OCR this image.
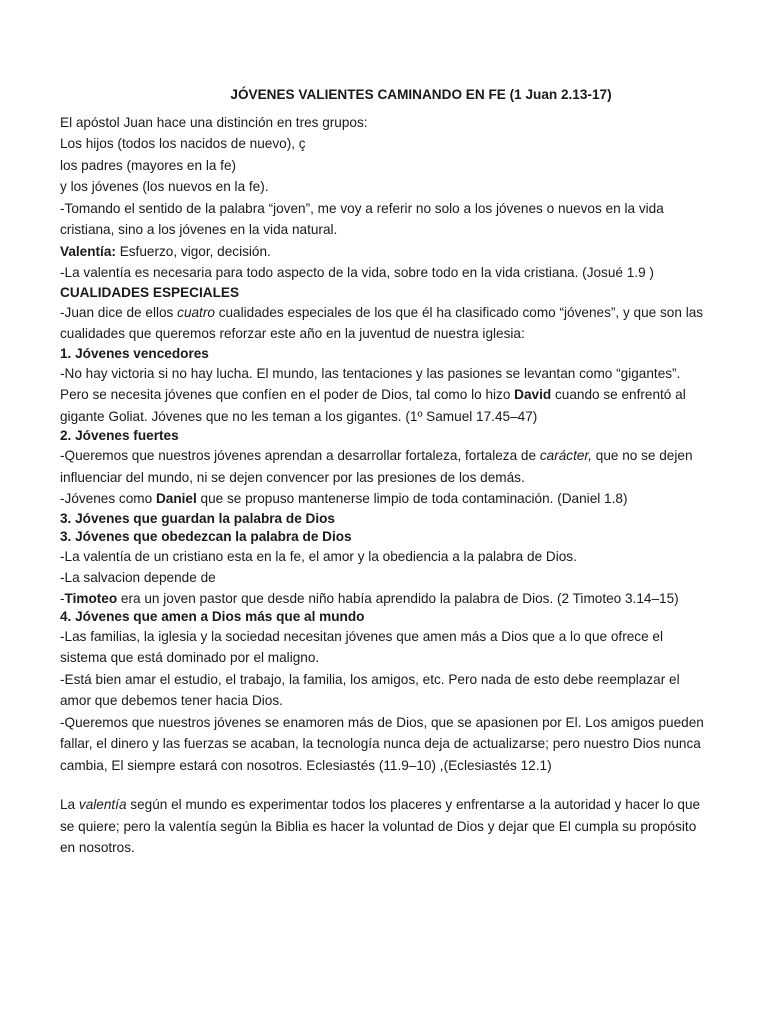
JÓVENES VALIENTES CAMINANDO EN FE (1 Juan 2.13-17)

El apóstol Juan hace una distinción en tres grupos:

Los hijos (todos los nacidos de nuevo), ç

los padres (mayores en la fe)

y los jóvenes (los nuevos en la fe).

-Tomando el sentido de la palabra “joven”, me voy a referir no solo a los jóvenes o nuevos en la vida cristiana, sino a los jóvenes en la vida natural.

Valentía: Esfuerzo, vigor, decisión.

-La valentía es necesaria para todo aspecto de la vida, sobre todo en la vida cristiana. (Josué 1.9 )

CUALIDADES ESPECIALES

-Juan dice de ellos cuatro cualidades especiales de los que él ha clasificado como “jóvenes”, y que son las cualidades que queremos reforzar este año en la juventud de nuestra iglesia:

1. Jóvenes vencedores

-No hay victoria si no hay lucha. El mundo, las tentaciones y las pasiones se levantan como “gigantes”. Pero se necesita jóvenes que confíen en el poder de Dios, tal como lo hizo David cuando se enfrentó al gigante Goliat. Jóvenes que no les teman a los gigantes. (1º Samuel 17.45–47)

2. Jóvenes fuertes

-Queremos que nuestros jóvenes aprendan a desarrollar fortaleza, fortaleza de carácter, que no se dejen influenciar del mundo, ni se dejen convencer por las presiones de los demás.

-Jóvenes como Daniel que se propuso mantenerse limpio de toda contaminación. (Daniel 1.8)

3. Jóvenes que guardan la palabra de Dios

3. Jóvenes que obedezcan la palabra de Dios

-La valentía de un cristiano esta en la fe, el amor y la obediencia a la palabra de Dios.

-La salvacion depende de

-Timoteo era un joven pastor que desde niño había aprendido la palabra de Dios. (2 Timoteo 3.14–15)

4. Jóvenes que amen a Dios más que al mundo

-Las familias, la iglesia y la sociedad necesitan jóvenes que amen más a Dios que a lo que ofrece el sistema que está dominado por el maligno.

-Está bien amar el estudio, el trabajo, la familia, los amigos, etc. Pero nada de esto debe reemplazar el amor que debemos tener hacia Dios.

-Queremos que nuestros jóvenes se enamoren más de Dios, que se apasionen por El. Los amigos pueden fallar, el dinero y las fuerzas se acaban, la tecnología nunca deja de actualizarse; pero nuestro Dios nunca cambia, El siempre estará con nosotros. Eclesiastés (11.9–10) ,(Eclesiastés 12.1)

La valentía según el mundo es experimentar todos los placeres y enfrentarse a la autoridad y hacer lo que se quiere; pero la valentía según la Biblia es hacer la voluntad de Dios y dejar que El cumpla su propósito en nosotros.
